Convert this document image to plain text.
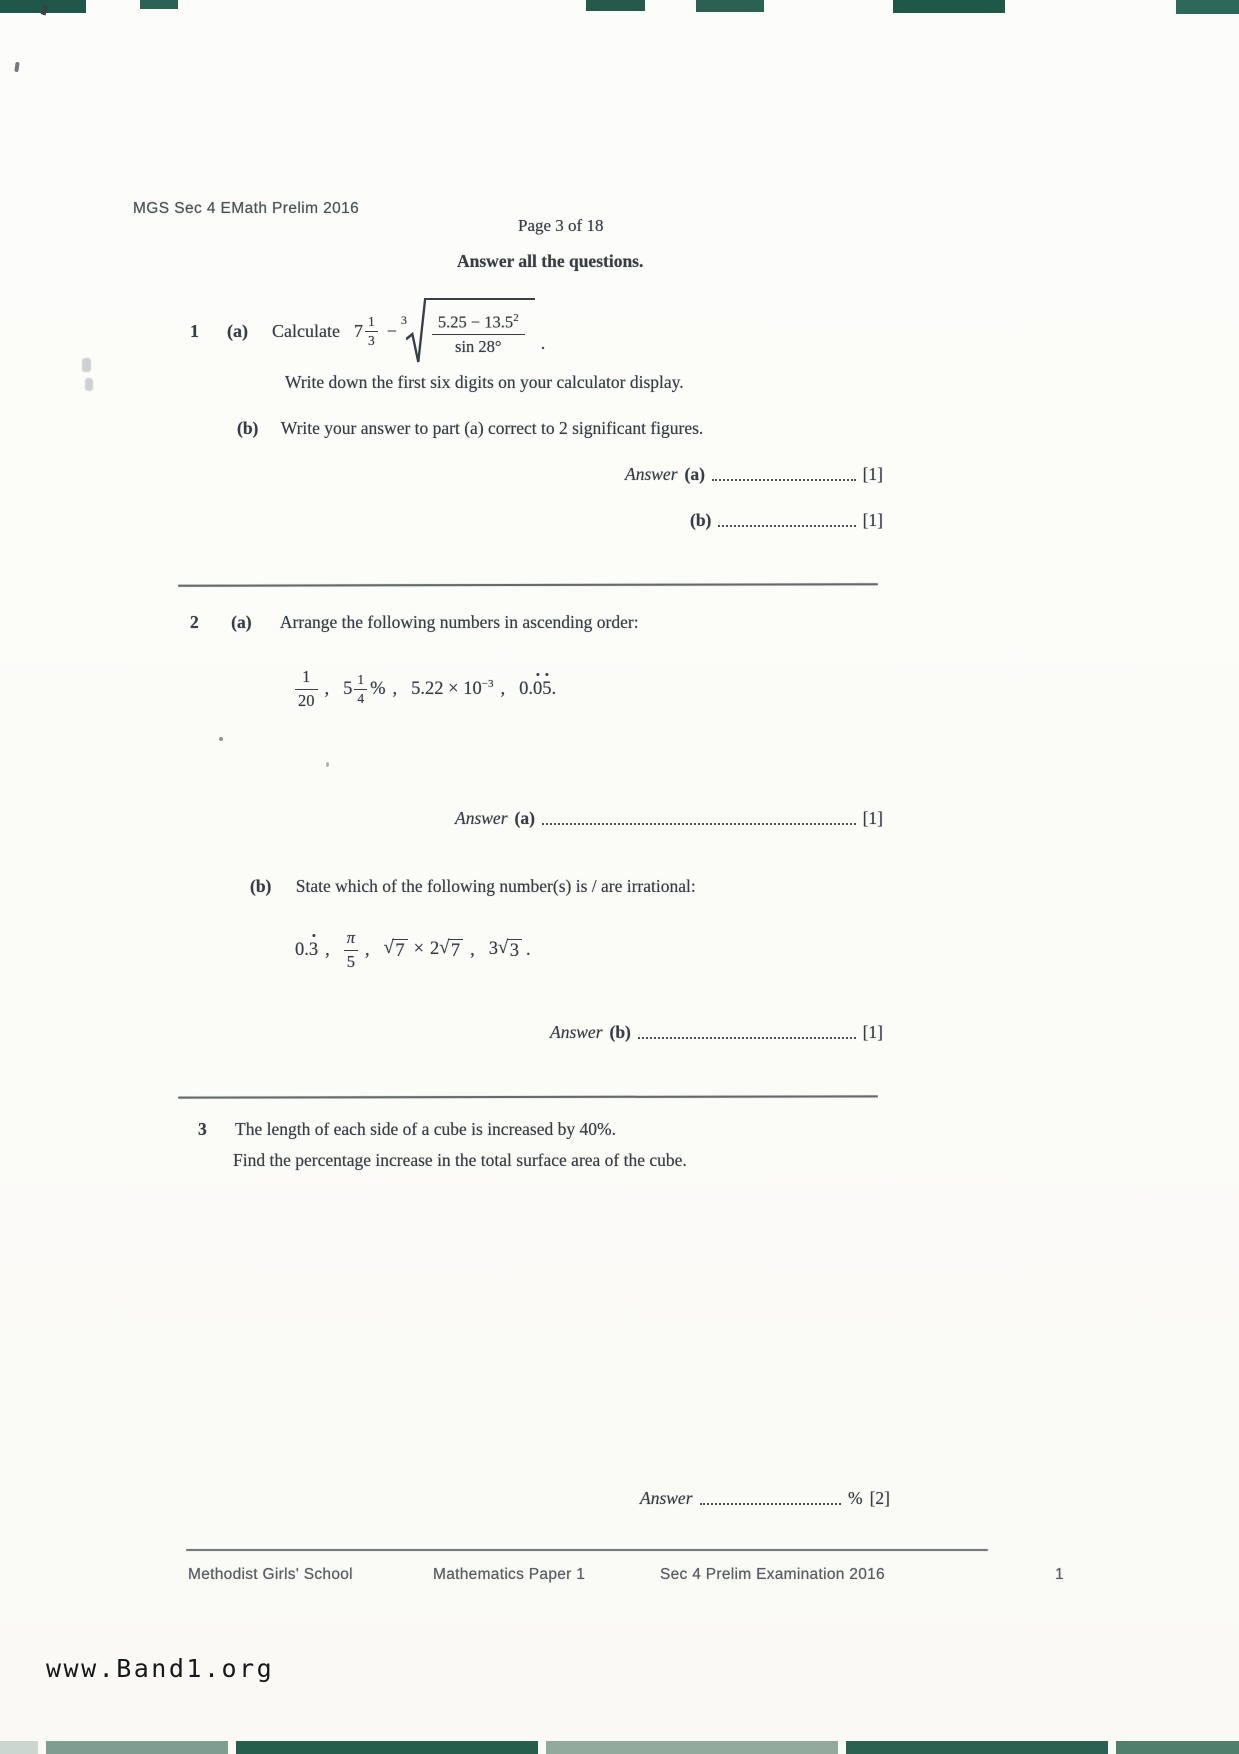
MGS Sec 4 EMath Prelim 2016
Page 3 of 18
Answer all the questions.
1 (a) Calculate $7 \frac{1}{3}$ −
$3 \frac{5.25 - 13.5^2}{\sin 28^\circ}$ .
Write down the first six digits on your calculator display.
(b) Write your answer to part (a) correct to 2 significant figures.
Answer (a)	[1]
(b)	[1]
2 (a) Arrange the following numbers in ascending order:
1
20
, $5 \frac{1}{4}$ % , $5.22 \times 10^{-3}$ , 0.05.
Answer (a)	[1]
(b) State which of the following number(s) is / are irrational:
0.3 ,
π
5
, √ 7 × 2 √ 7 , 3 √ 3 .
Answer (b)	[1]
3 The length of each side of a cube is increased by 40%.
Find the percentage increase in the total surface area of the cube.
Answer	% [2]
Methodist Girls' School	Mathematics Paper 1	Sec 4 Prelim Examination 2016	1
www.Band1.org
